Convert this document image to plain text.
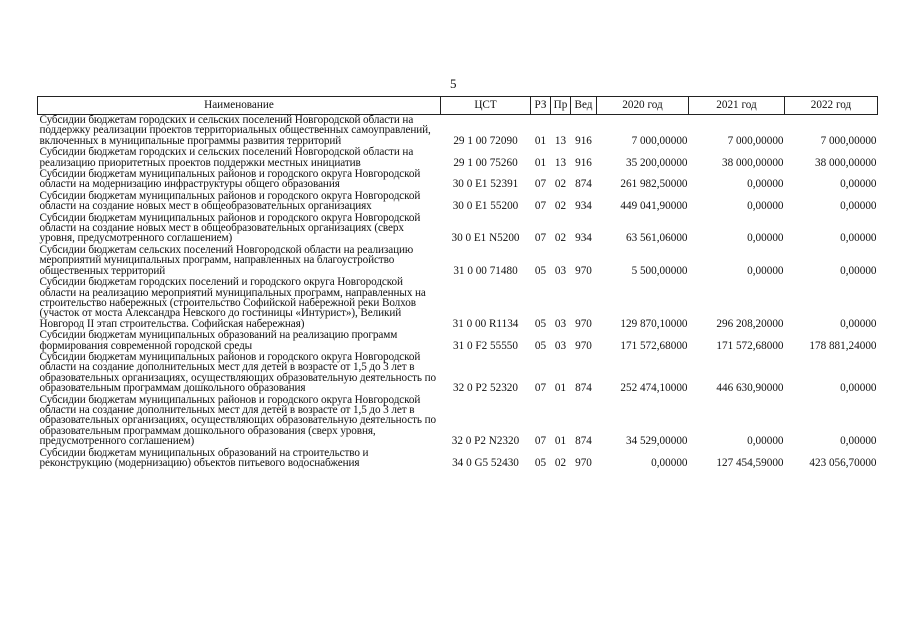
5
Наименование	ЦСТ	РЗ	Пр	Вед	2020 год	2021 год	2022 год
Субсидии бюджетам городских и сельских поселений Новгородской области на поддержку реализации проектов территориальных общественных самоуправлений, включенных в муниципальные программы развития территорий	29 1 00 72090	01	13	916	7 000,00000	7 000,00000	7 000,00000
Субсидии бюджетам городских и сельских поселений Новгородской области на реализацию приоритетных проектов поддержки местных инициатив	29 1 00 75260	01	13	916	35 200,00000	38 000,00000	38 000,00000
Субсидии бюджетам муниципальных районов и городского округа Новгородской области на модернизацию инфраструктуры общего образования	30 0 E1 52391	07	02	874	261 982,50000	0,00000	0,00000
Субсидии бюджетам муниципальных районов и городского округа Новгородской области на создание новых мест в общеобразовательных организациях	30 0 E1 55200	07	02	934	449 041,90000	0,00000	0,00000
Субсидии бюджетам муниципальных районов и городского округа Новгородской области на создание новых мест в общеобразовательных организациях (сверх уровня, предусмотренного соглашением)	30 0 E1 N5200	07	02	934	63 561,06000	0,00000	0,00000
Субсидии бюджетам сельских поселений Новгородской области на реализацию мероприятий муниципальных программ, направленных на благоустройство общественных территорий	31 0 00 71480	05	03	970	5 500,00000	0,00000	0,00000
Субсидии бюджетам городских поселений и городского округа Новгородской области на реализацию мероприятий муниципальных программ, направленных на строительство набережных (строительство Софийской набережной реки Волхов (участок от моста Александра Невского до гостиницы «Интурист»), Великий Новгород II этап строительства. Софийская набережная)	31 0 00 R1134	05	03	970	129 870,10000	296 208,20000	0,00000
Субсидии бюджетам муниципальных образований на реализацию программ формирования современной городской среды	31 0 F2 55550	05	03	970	171 572,68000	171 572,68000	178 881,24000
Субсидии бюджетам муниципальных районов и городского округа Новгородской области на создание дополнительных мест для детей в возрасте от 1,5 до 3 лет в образовательных организациях, осуществляющих образовательную деятельность по образовательным программам дошкольного образования	32 0 P2 52320	07	01	874	252 474,10000	446 630,90000	0,00000
Субсидии бюджетам муниципальных районов и городского округа Новгородской области на создание дополнительных мест для детей в возрасте от 1,5 до 3 лет в образовательных организациях, осуществляющих образовательную деятельность по образовательным программам дошкольного образования (сверх уровня, предусмотренного соглашением)	32 0 P2 N2320	07	01	874	34 529,00000	0,00000	0,00000
Субсидии бюджетам муниципальных образований на строительство и реконструкцию (модернизацию) объектов питьевого водоснабжения	34 0 G5 52430	05	02	970	0,00000	127 454,59000	423 056,70000
